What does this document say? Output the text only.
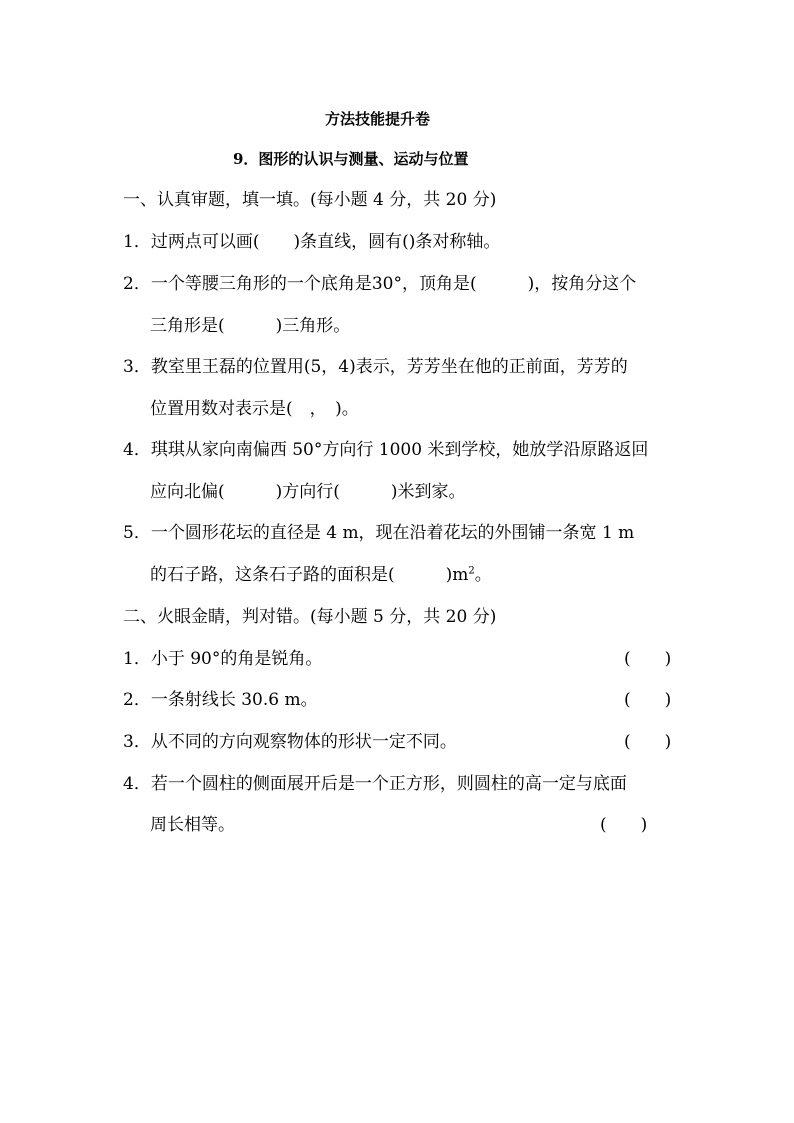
方法技能提升卷
9．图形的认识与测量、运动与位置
一、认真审题，填一填。(每小题 4 分，共 20 分)
1．过两点可以画(　　)条直线，圆有()条对称轴。
2．一个等腰三角形的一个底角是30°，顶角是(　　　)，按角分这个
三角形是(　　　)三角形。
3．教室里王磊的位置用(5，4)表示，芳芳坐在他的正前面，芳芳的
位置用数对表示是(　，　)。
4．琪琪从家向南偏西 50°方向行 1000 米到学校，她放学沿原路返回
应向北偏(　　　)方向行(　　　)米到家。
5．一个圆形花坛的直径是 4 m，现在沿着花坛的外围铺一条宽 1 m
的石子路，这条石子路的面积是(　　　)$m^2$。
二、火眼金睛，判对错。(每小题 5 分，共 20 分)
1．小于 90°的角是锐角。	(　　)
2．一条射线长 30.6 m。	(　　)
3．从不同的方向观察物体的形状一定不同。	(　　)
4．若一个圆柱的侧面展开后是一个正方形，则圆柱的高一定与底面
周长相等。	(　　)
